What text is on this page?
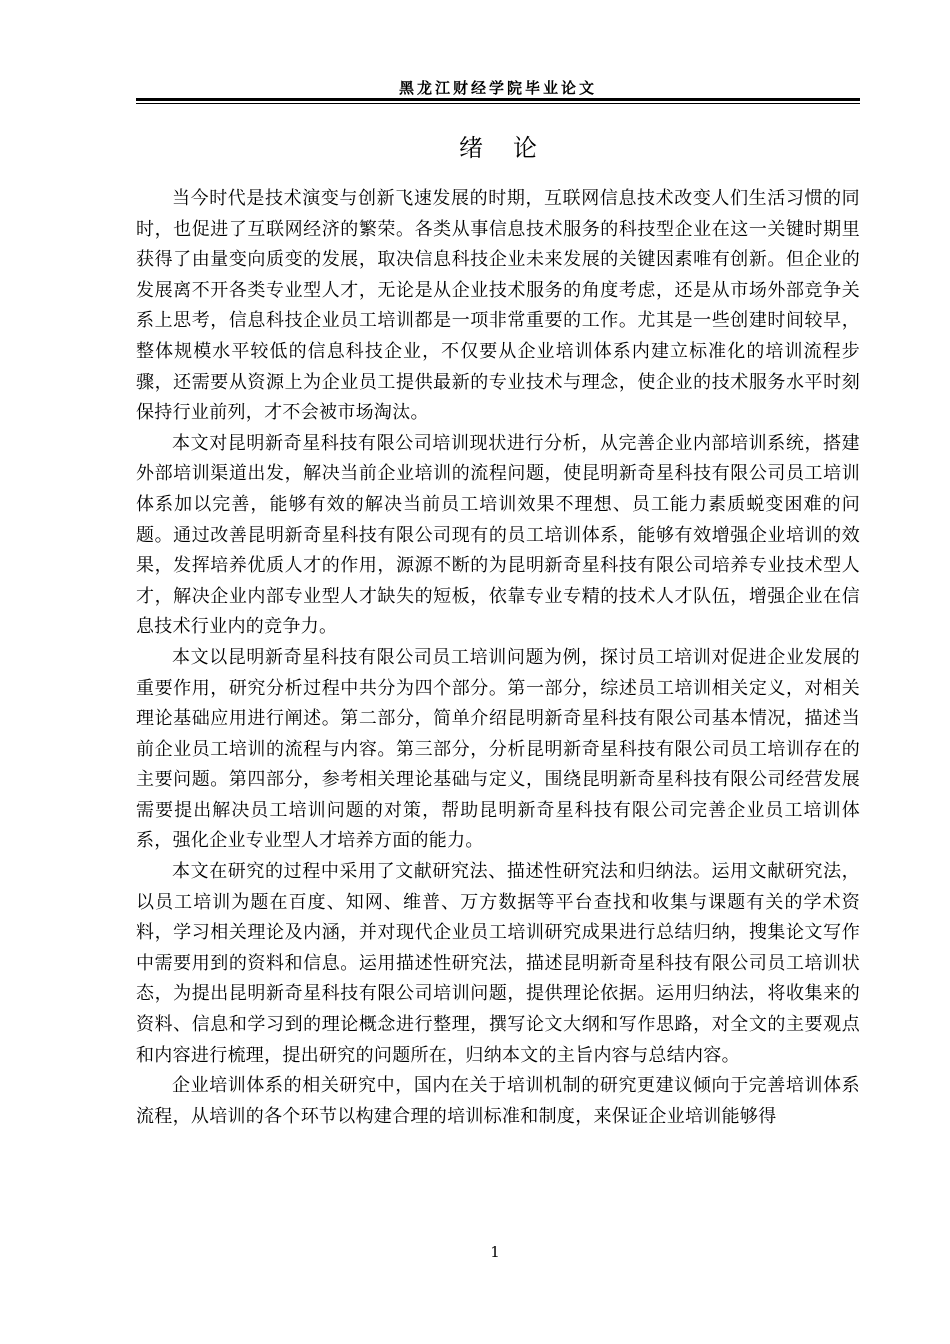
黑龙江财经学院毕业论文
绪论

当今时代是技术演变与创新飞速发展的时期，互联网信息技术改变人们生活习惯的同时，也促进了互联网经济的繁荣。各类从事信息技术服务的科技型企业在这一关键时期里获得了由量变向质变的发展，取决信息科技企业未来发展的关键因素唯有创新。但企业的发展离不开各类专业型人才，无论是从企业技术服务的角度考虑，还是从市场外部竞争关系上思考，信息科技企业员工培训都是一项非常重要的工作。尤其是一些创建时间较早，整体规模水平较低的信息科技企业，不仅要从企业培训体系内建立标准化的培训流程步骤，还需要从资源上为企业员工提供最新的专业技术与理念，使企业的技术服务水平时刻保持行业前列，才不会被市场淘汰。

本文对昆明新奇星科技有限公司培训现状进行分析，从完善企业内部培训系统，搭建外部培训渠道出发，解决当前企业培训的流程问题，使昆明新奇星科技有限公司员工培训体系加以完善，能够有效的解决当前员工培训效果不理想、员工能力素质蜕变困难的问题。通过改善昆明新奇星科技有限公司现有的员工培训体系，能够有效增强企业培训的效果，发挥培养优质人才的作用，源源不断的为昆明新奇星科技有限公司培养专业技术型人才，解决企业内部专业型人才缺失的短板，依靠专业专精的技术人才队伍，增强企业在信息技术行业内的竞争力。

本文以昆明新奇星科技有限公司员工培训问题为例，探讨员工培训对促进企业发展的重要作用，研究分析过程中共分为四个部分。第一部分，综述员工培训相关定义，对相关理论基础应用进行阐述。第二部分，简单介绍昆明新奇星科技有限公司基本情况，描述当前企业员工培训的流程与内容。第三部分，分析昆明新奇星科技有限公司员工培训存在的主要问题。第四部分，参考相关理论基础与定义，围绕昆明新奇星科技有限公司经营发展需要提出解决员工培训问题的对策，帮助昆明新奇星科技有限公司完善企业员工培训体系，强化企业专业型人才培养方面的能力。

本文在研究的过程中采用了文献研究法、描述性研究法和归纳法。运用文献研究法，以员工培训为题在百度、知网、维普、万方数据等平台查找和收集与课题有关的学术资料，学习相关理论及内涵，并对现代企业员工培训研究成果进行总结归纳，搜集论文写作中需要用到的资料和信息。运用描述性研究法，描述昆明新奇星科技有限公司员工培训状态，为提出昆明新奇星科技有限公司培训问题，提供理论依据。运用归纳法，将收集来的资料、信息和学习到的理论概念进行整理，撰写论文大纲和写作思路，对全文的主要观点和内容进行梳理，提出研究的问题所在，归纳本文的主旨内容与总结内容。

企业培训体系的相关研究中，国内在关于培训机制的研究更建议倾向于完善培训体系流程，从培训的各个环节以构建合理的培训标准和制度，来保证企业培训能够得

1
